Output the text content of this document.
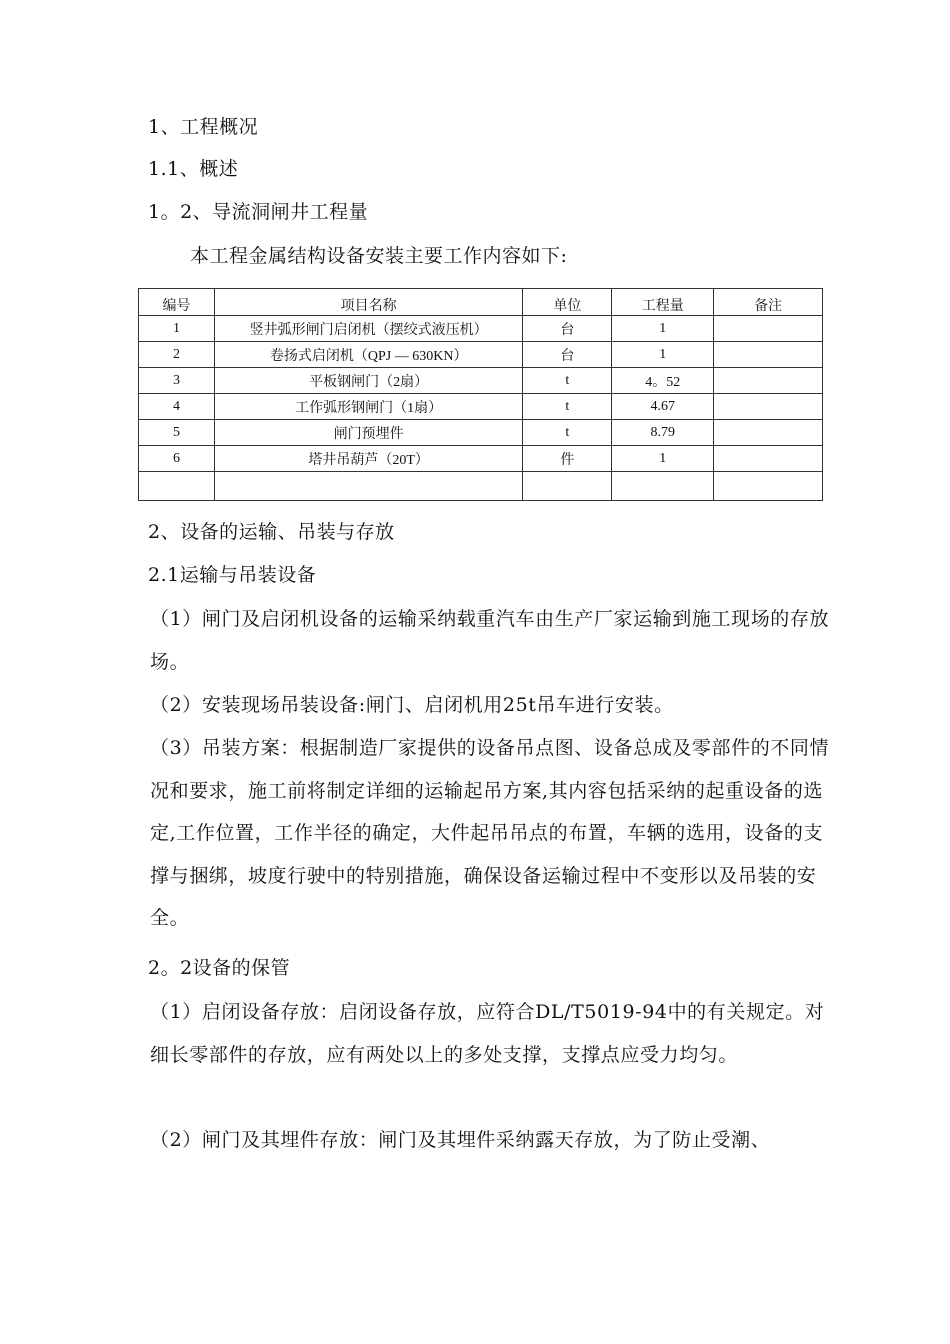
1、工程概况
1.1、概述
1。2、导流洞闸井工程量
本工程金属结构设备安装主要工作内容如下:
编号	项目名称	单位	工程量	备注
1	竖井弧形闸门启闭机（摆绞式液压机）	台	1	
2	卷扬式启闭机（QPJ — 630KN）	台	1	
3	平板钢闸门（2扇）	t	4。52	
4	工作弧形钢闸门（1扇）	t	4.67	
5	闸门预埋件	t	8.79	
6	塔井吊葫芦（20T）	件	1	

2、设备的运输、吊装与存放
2.1运输与吊装设备
（1）闸门及启闭机设备的运输采纳载重汽车由生产厂家运输到施工现场的存放场。
（2）安装现场吊装设备:闸门、启闭机用25t吊车进行安装。
（3）吊装方案：根据制造厂家提供的设备吊点图、设备总成及零部件的不同情况和要求，施工前将制定详细的运输起吊方案,其内容包括采纳的起重设备的选定,工作位置，工作半径的确定，大件起吊吊点的布置，车辆的选用，设备的支撑与捆绑，坡度行驶中的特别措施，确保设备运输过程中不变形以及吊装的安全。
2。2设备的保管
（1）启闭设备存放：启闭设备存放，应符合DL/T5019-94中的有关规定。对细长零部件的存放，应有两处以上的多处支撑，支撑点应受力均匀。
（2）闸门及其埋件存放：闸门及其埋件采纳露天存放，为了防止受潮、
